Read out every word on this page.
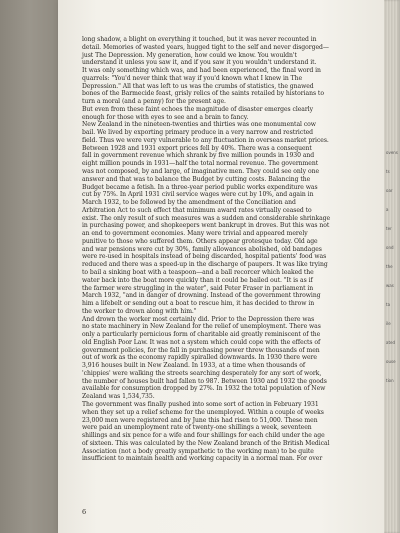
ovens
ts
oar
a
ter
ond
the
was
ta
ile
ated
ouse
tion
long shadow, a blight on everything it touched, but it was never recounted in
detail. Memories of wasted years, hugged tight to the self and never disgorged—
just The Depression. My generation, how could we know. You wouldn't
understand it unless you saw it, and if you saw it you wouldn't understand it.
It was only something which was, and had been experienced, the final word in
quarrels: "You'd never think that way if you'd known what I knew in The
Depression." All that was left to us was the crumbs of statistics, the gnawed
bones of the Barmecide feast, grisly relics of the saints retailed by historians to
turn a moral (and a penny) for the present age.
But even from these faint echoes the magnitude of disaster emerges clearly
enough for those with eyes to see and a brain to fancy.
New Zealand in the nineteen-twenties and thirties was one monumental cow
bail. We lived by exporting primary produce in a very narrow and restricted
field. Thus we were very vulnerable to any fluctuation in overseas market prices.
Between 1928 and 1931 export prices fell by 40%. There was a consequent
fall in government revenue which shrank by five million pounds in 1930 and
eight million pounds in 1931—half the total normal revenue. The government
was not composed, by and large, of imaginative men. They could see only one
answer and that was to balance the Budget by cutting costs. Balancing the
Budget became a fetish. In a three-year period public works expenditure was
cut by 75%. In April 1931 civil service wages were cut by 10%, and again in
March 1932, to be followed by the amendment of the Conciliation and
Arbitration Act to such effect that minimum award rates virtually ceased to
exist. The only result of such measures was a sudden and considerable shrinkage
in purchasing power, and shopkeepers went bankrupt in droves. But this was not
an end to government economies. Many were trivial and appeared merely
punitive to those who suffered them. Others appear grotesque today. Old age
and war pensions were cut by 30%, family allowances abolished, old bandages
were re-used in hospitals instead of being discarded, hospital patients' food was
reduced and there was a speed-up in the discharge of paupers. It was like trying
to bail a sinking boat with a teaspoon—and a ball recorcer which leaked the
water back into the boat more quickly than it could be bailed out. "It is as if
the farmer were struggling in the water", said Peter Fraser in parliament in
March 1932, "and in danger of drowning. Instead of the government throwing
him a lifebelt or sending out a boat to rescue him, it has decided to throw in
the worker to drown along with him."
And drown the worker most certainly did. Prior to the Depression there was
no state machinery in New Zealand for the relief of unemployment. There was
only a particularly pernicious form of charitable aid greatly reminiscent of the
old English Poor Law. It was not a system which could cope with the effects of
government policies, for the fall in purchasing power threw thousands of men
out of work as the economy rapidly spiralled downwards. In 1930 there were
3,916 houses built in New Zealand. In 1933, at a time when thousands of
'chippies' were walking the streets searching desperately for any sort of work,
the number of houses built had fallen to 987. Between 1930 and 1932 the goods
available for consumption dropped by 27%. In 1932 the total population of New
Zealand was 1,534,735.
The government was finally pushed into some sort of action in February 1931
when they set up a relief scheme for the unemployed. Within a couple of weeks
23,000 men were registered and by June this had risen to 51,000. These men
were paid an unemployment rate of twenty-one shillings a week, seventeen
shillings and six pence for a wife and four shillings for each child under the age
of sixteen. This was calculated by the New Zealand branch of the British Medical
Association (not a body greatly sympathetic to the working man) to be quite
insufficient to maintain health and working capacity in a normal man. For over
6
